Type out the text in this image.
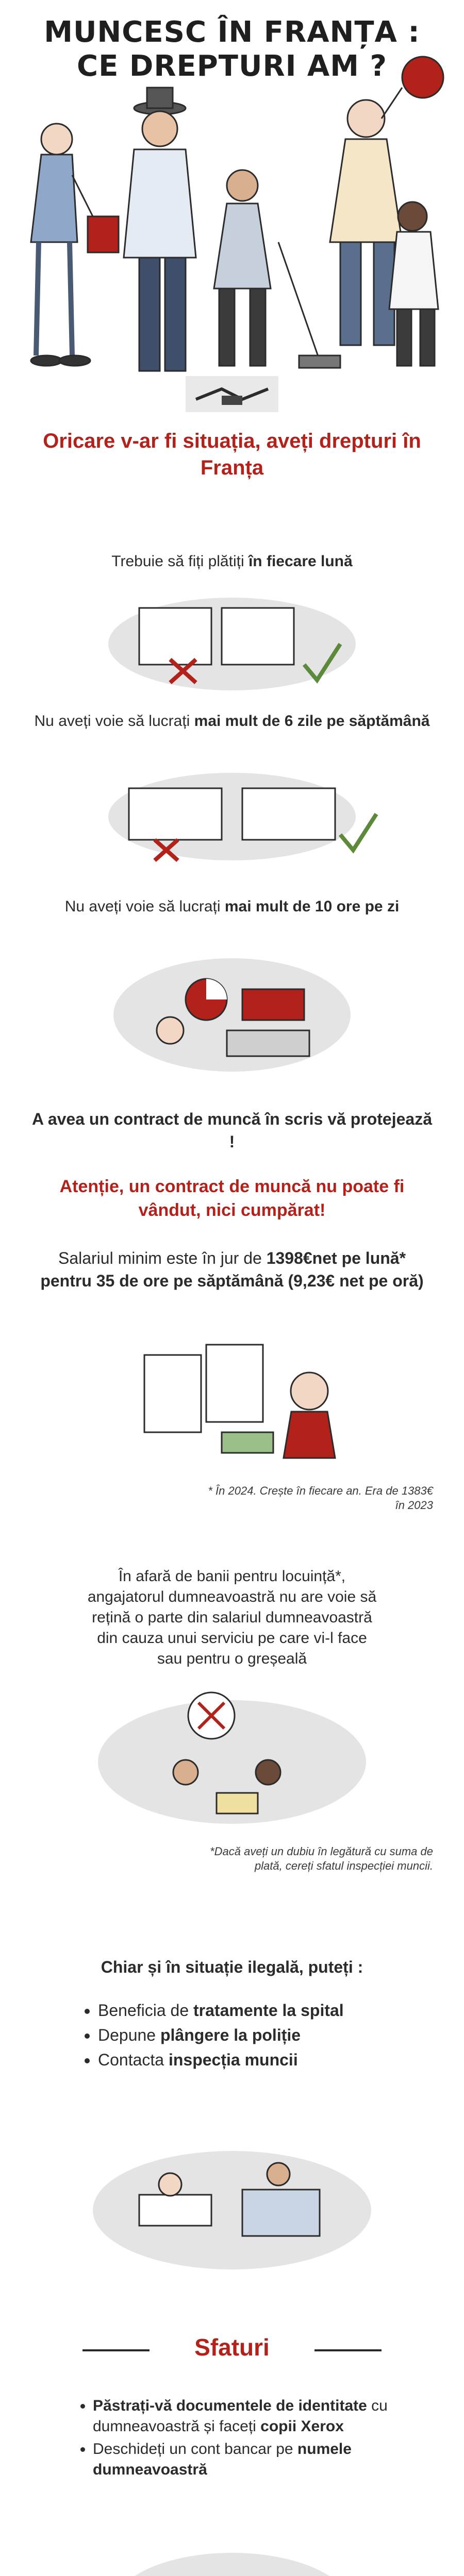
MUNCESC ÎN FRANȚA :
CE DREPTURI AM ?
Oricare v-ar fi situația, aveți drepturi în Franța
Trebuie să fiți plătiți în fiecare lună
Nu aveți voie să lucrați mai mult de 6 zile pe săptămână
Nu aveți voie să lucrați mai mult de 10 ore pe zi
A avea un contract de muncă în scris vă protejează !
Atenție, un contract de muncă nu poate fi vândut, nici cumpărat!
Salariul minim este în jur de 1398€net pe lună* pentru 35 de ore pe săptămână (9,23€ net pe oră)
* În 2024. Crește în fiecare an. Era de 1383€ în 2023
În afară de banii pentru locuință*, angajatorul dumneavoastră nu are voie să rețină o parte din salariul dumneavoastră din cauza unui serviciu pe care vi-l face sau pentru o greșeală
*Dacă aveți un dubiu în legătură cu suma de plată, cereți sfatul inspecției muncii.
Chiar și în situație ilegală, puteți :
• Beneficia de tratamente la spital
• Depune plângere la poliție
• Contacta inspecția muncii
Sfaturi
• Păstrați-vă documentele de identitate cu dumneavoastră și faceți copii Xerox
• Deschideți un cont bancar pe numele dumneavoastră
